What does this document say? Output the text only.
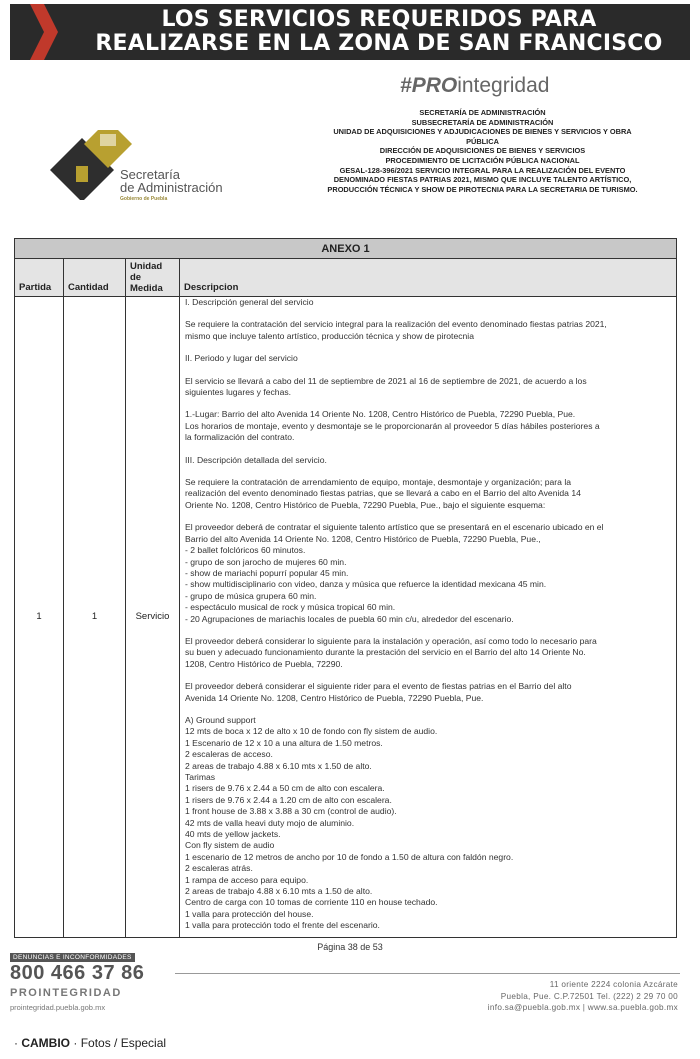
LOS SERVICIOS REQUERIDOS PARA
REALIZARSE EN LA ZONA DE SAN FRANCISCO
Secretaría
de Administración
Gobierno de Puebla
#PROintegridad
SECRETARÍA DE ADMINISTRACIÓN
SUBSECRETARÍA DE ADMINISTRACIÓN
UNIDAD DE ADQUISICIONES Y ADJUDICACIONES DE BIENES Y SERVICIOS Y OBRA
PÚBLICA
DIRECCIÓN DE ADQUISICIONES DE BIENES Y SERVICIOS
PROCEDIMIENTO DE LICITACIÓN PÚBLICA NACIONAL
GESAL-128-396/2021 SERVICIO INTEGRAL PARA LA REALIZACIÓN DEL EVENTO
DENOMINADO FIESTAS PATRIAS 2021, MISMO QUE INCLUYE TALENTO ARTÍSTICO,
PRODUCCIÓN TÉCNICA Y SHOW DE PIROTECNIA PARA LA SECRETARIA DE TURISMO.
ANEXO 1
Partida Cantidad
Unidad
de
Medida Descripcion
1	1	Servicio

I. Descripción general del servicio

Se requiere la contratación del servicio integral para la realización del evento denominado fiestas patrias 2021,

mismo que incluye talento artístico, producción técnica y show de pirotecnia

II. Periodo y lugar del servicio

El servicio se llevará a cabo del 11 de septiembre de 2021 al 16 de septiembre de 2021, de acuerdo a los

siguientes lugares y fechas.

1.-Lugar: Barrio del alto Avenida 14 Oriente No. 1208, Centro Histórico de Puebla, 72290 Puebla, Pue.

Los horarios de montaje, evento y desmontaje se le proporcionarán al proveedor 5 días hábiles posteriores a

la formalización del contrato.

III. Descripción detallada del servicio.

Se requiere la contratación de arrendamiento de equipo, montaje, desmontaje y organización; para la

realización del evento denominado fiestas patrias, que se llevará a cabo en el Barrio del alto Avenida 14

Oriente No. 1208, Centro Histórico de Puebla, 72290 Puebla, Pue., bajo el siguiente esquema:

El proveedor deberá de contratar el siguiente talento artístico que se presentará en el escenario ubicado en el

Barrio del alto Avenida 14 Oriente No. 1208, Centro Histórico de Puebla, 72290 Puebla, Pue.,

- 2 ballet folclóricos 60 minutos.

- grupo de son jarocho de mujeres 60 min.

- show de mariachi popurrí popular 45 min.

- show multidisciplinario con video, danza y música que refuerce la identidad mexicana 45 min.

- grupo de música grupera 60 min.

- espectáculo musical de rock y música tropical 60 min.

- 20 Agrupaciones de mariachis locales de puebla 60 min c/u, alrededor del escenario.

El proveedor deberá considerar lo siguiente para la instalación y operación, así como todo lo necesario para

su buen y adecuado funcionamiento durante la prestación del servicio en el Barrio del alto 14 Oriente No.

1208, Centro Histórico de Puebla, 72290.

El proveedor deberá considerar el siguiente rider para el evento de fiestas patrias en el Barrio del alto

Avenida 14 Oriente No. 1208, Centro Histórico de Puebla, 72290 Puebla, Pue.

A) Ground support

12 mts de boca x 12 de alto x 10 de fondo con fly sistem de audio.

1 Escenario de 12 x 10 a una altura de 1.50 metros.

2 escaleras de acceso.

2 areas de trabajo 4.88 x 6.10 mts x 1.50 de alto.

Tarimas

1 risers de 9.76 x 2.44 a 50 cm de alto con escalera.

1 risers de 9.76 x 2.44 a 1.20 cm de alto con escalera.

1 front house de 3.88 x 3.88 a 30 cm (control de audio).

42 mts de valla heavi duty mojo de aluminio.

40 mts de yellow jackets.

Con fly sistem de audio

1 escenario de 12 metros de ancho por 10 de fondo a 1.50 de altura con faldón negro.

2 escaleras atrás.

1 rampa de acceso para equipo.

2 areas de trabajo 4.88 x 6.10 mts a 1.50 de alto.

Centro de carga con 10 tomas de corriente 110 en house techado.

1 valla para protección del house.

1 valla para protección todo el frente del escenario.

Página 38 de 53
DENUNCIAS E INCONFORMIDADES
800 466 37 86
PROINTEGRIDAD
prointegridad.puebla.gob.mx
11 oriente 2224 colonia Azcárate
Puebla, Pue. C.P.72501 Tel. (222) 2 29 70 00
info.sa@puebla.gob.mx | www.sa.puebla.gob.mx
· CAMBIO · Fotos / Especial
